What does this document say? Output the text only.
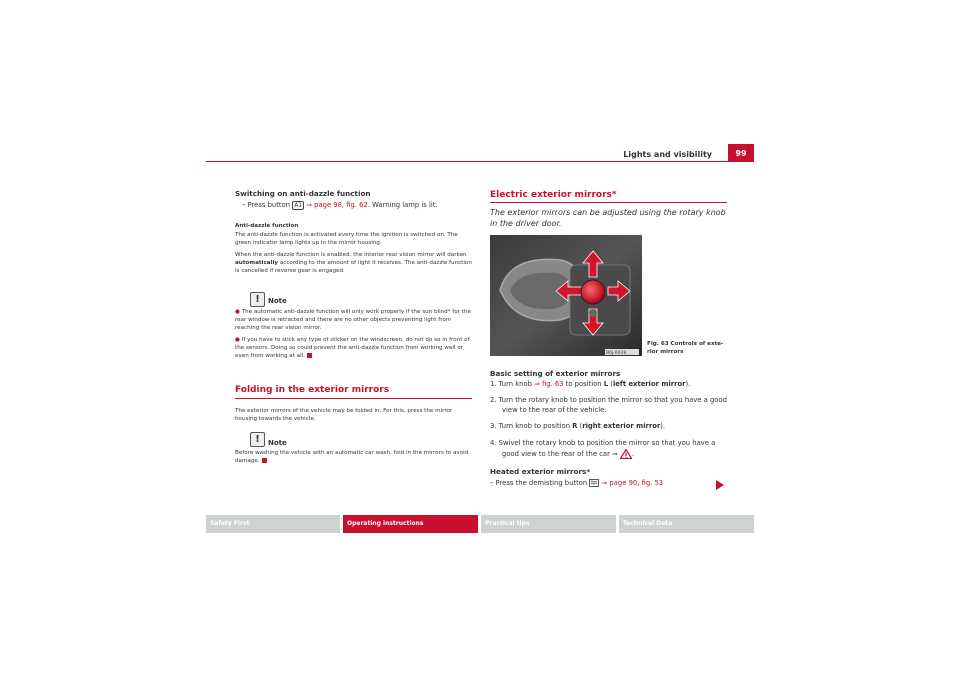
Lights and visibility	99
Switching on anti-dazzle function
– Press button A1 ⇒ page 98, fig. 62. Warning lamp is lit.
Anti-dazzle function
The anti-dazzle function is activated every time the ignition is switched on. The green indicator lamp lights up in the mirror housing.
When the anti-dazzle function is enabled, the interior rear vision mirror will darken automatically according to the amount of light it receives. The anti-dazzle function is cancelled if reverse gear is engaged.
!	Note
● The automatic anti-dazzle function will only work properly if the sun blind* for the rear window is retracted and there are no other objects preventing light from reaching the rear vision mirror.
● If you have to stick any type of sticker on the windscreen, do not do so in front of the sensors. Doing so could prevent the anti-dazzle function from working well or even from working at all.
Folding in the exterior mirrors
The exterior mirrors of the vehicle may be folded in. For this, press the mirror housing towards the vehicle.
!	Note
Before washing the vehicle with an automatic car wash, fold in the mirrors to avoid damage.
Electric exterior mirrors*
The exterior mirrors can be adjusted using the rotary knob in the driver door.
B6J-0028
Fig. 63 Controls of exte-
rior mirrors
Basic setting of exterior mirrors
1. Turn knob ⇒ fig. 63 to position L (left exterior mirror).
2. Turn the rotary knob to position the mirror so that you have a good view to the rear of the vehicle.
3. Turn knob to position R (right exterior mirror).
4. Swivel the rotary knob to position the mirror so that you have a good view to the rear of the car ⇒ .
Heated exterior mirrors*
– Press the demisting button ⇒ page 90, fig. 53
Safety First	Operating instructions	Practical tips	Technical Data
